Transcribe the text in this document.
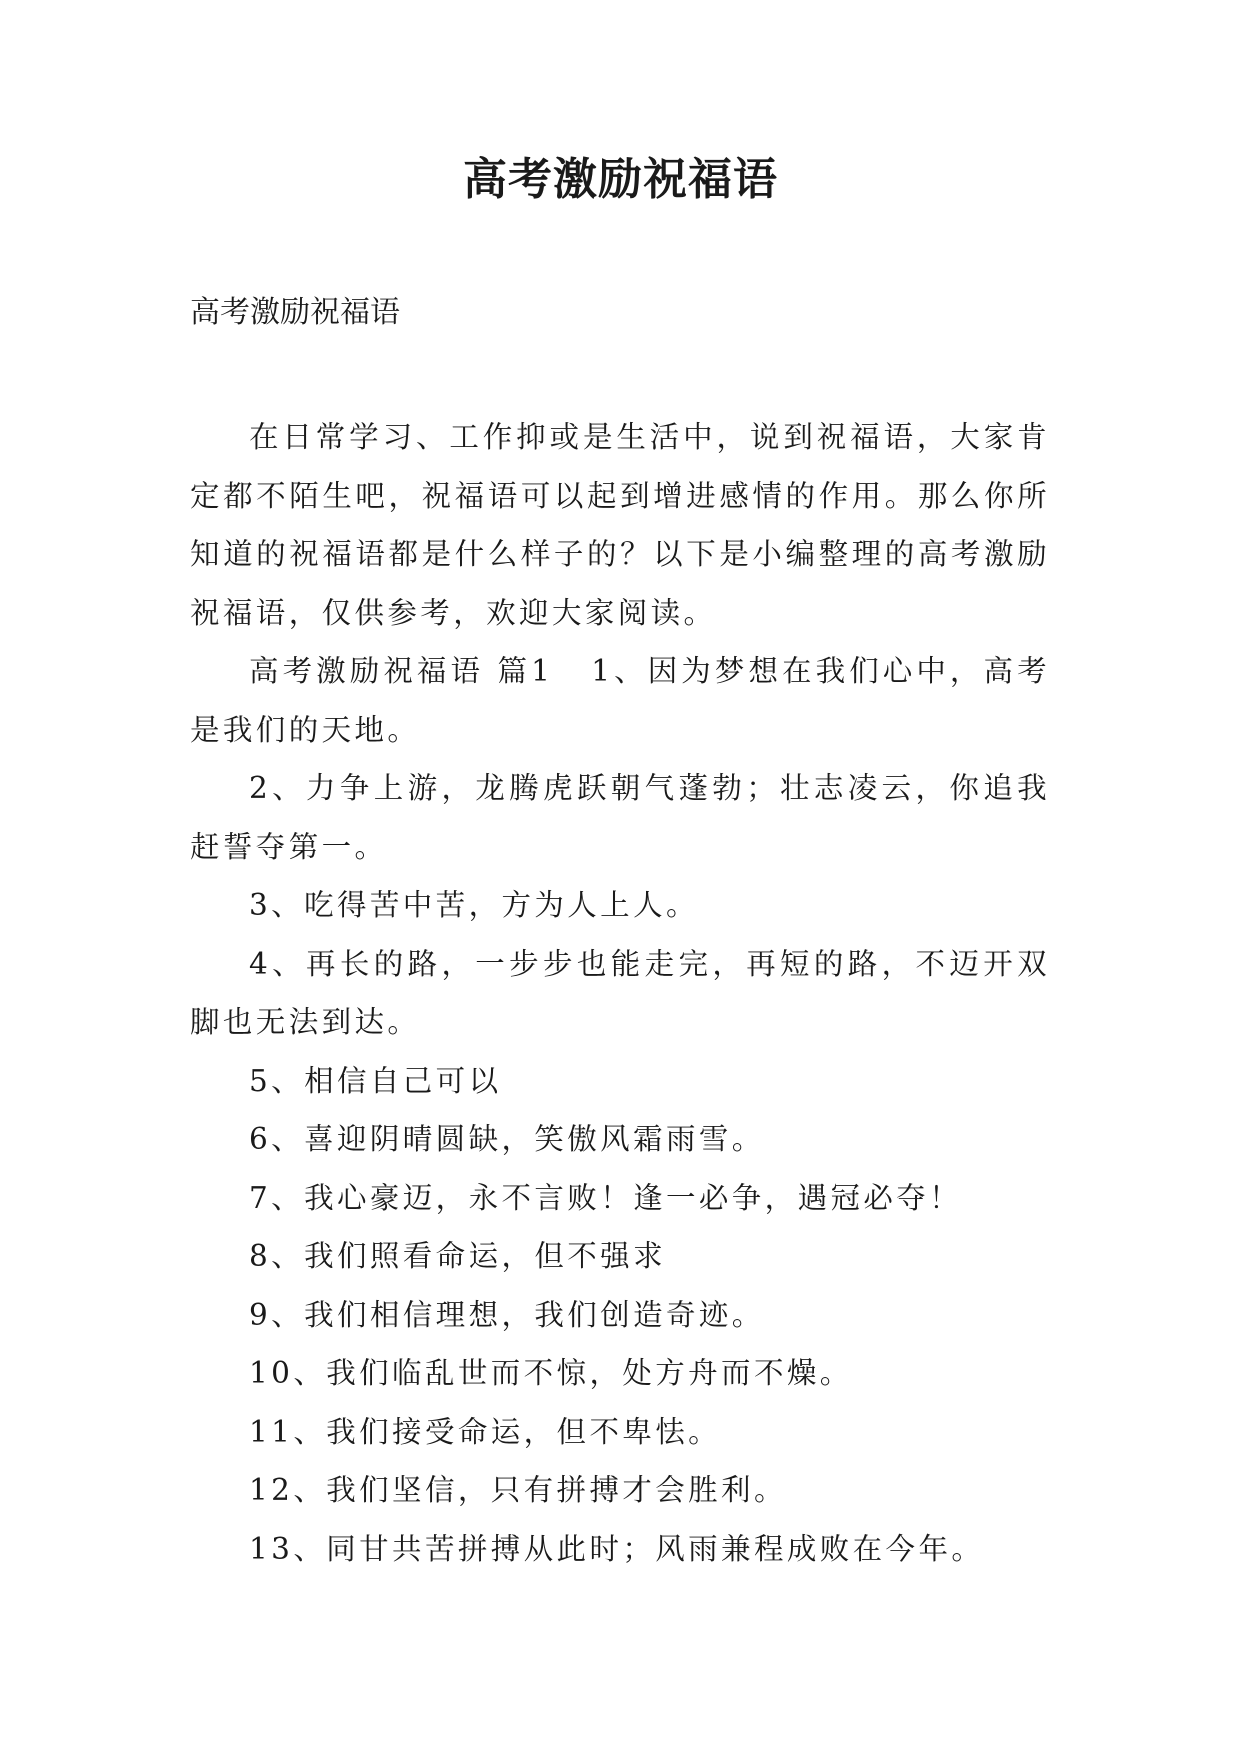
高考激励祝福语

高考激励祝福语

在日常学习、工作抑或是生活中，说到祝福语，大家肯定都不陌生吧，祝福语可以起到增进感情的作用。那么你所知道的祝福语都是什么样子的？以下是小编整理的高考激励祝福语，仅供参考，欢迎大家阅读。

高考激励祝福语 篇1 1、因为梦想在我们心中，高考是我们的天地。

2、力争上游，龙腾虎跃朝气蓬勃；壮志凌云，你追我赶誓夺第一。

3、吃得苦中苦，方为人上人。

4、再长的路，一步步也能走完，再短的路，不迈开双脚也无法到达。

5、相信自己可以

6、喜迎阴晴圆缺，笑傲风霜雨雪。

7、我心豪迈，永不言败！逢一必争，遇冠必夺！

8、我们照看命运，但不强求

9、我们相信理想，我们创造奇迹。

10、我们临乱世而不惊，处方舟而不燥。

11、我们接受命运，但不卑怯。

12、我们坚信，只有拼搏才会胜利。

13、同甘共苦拼搏从此时；风雨兼程成败在今年。
